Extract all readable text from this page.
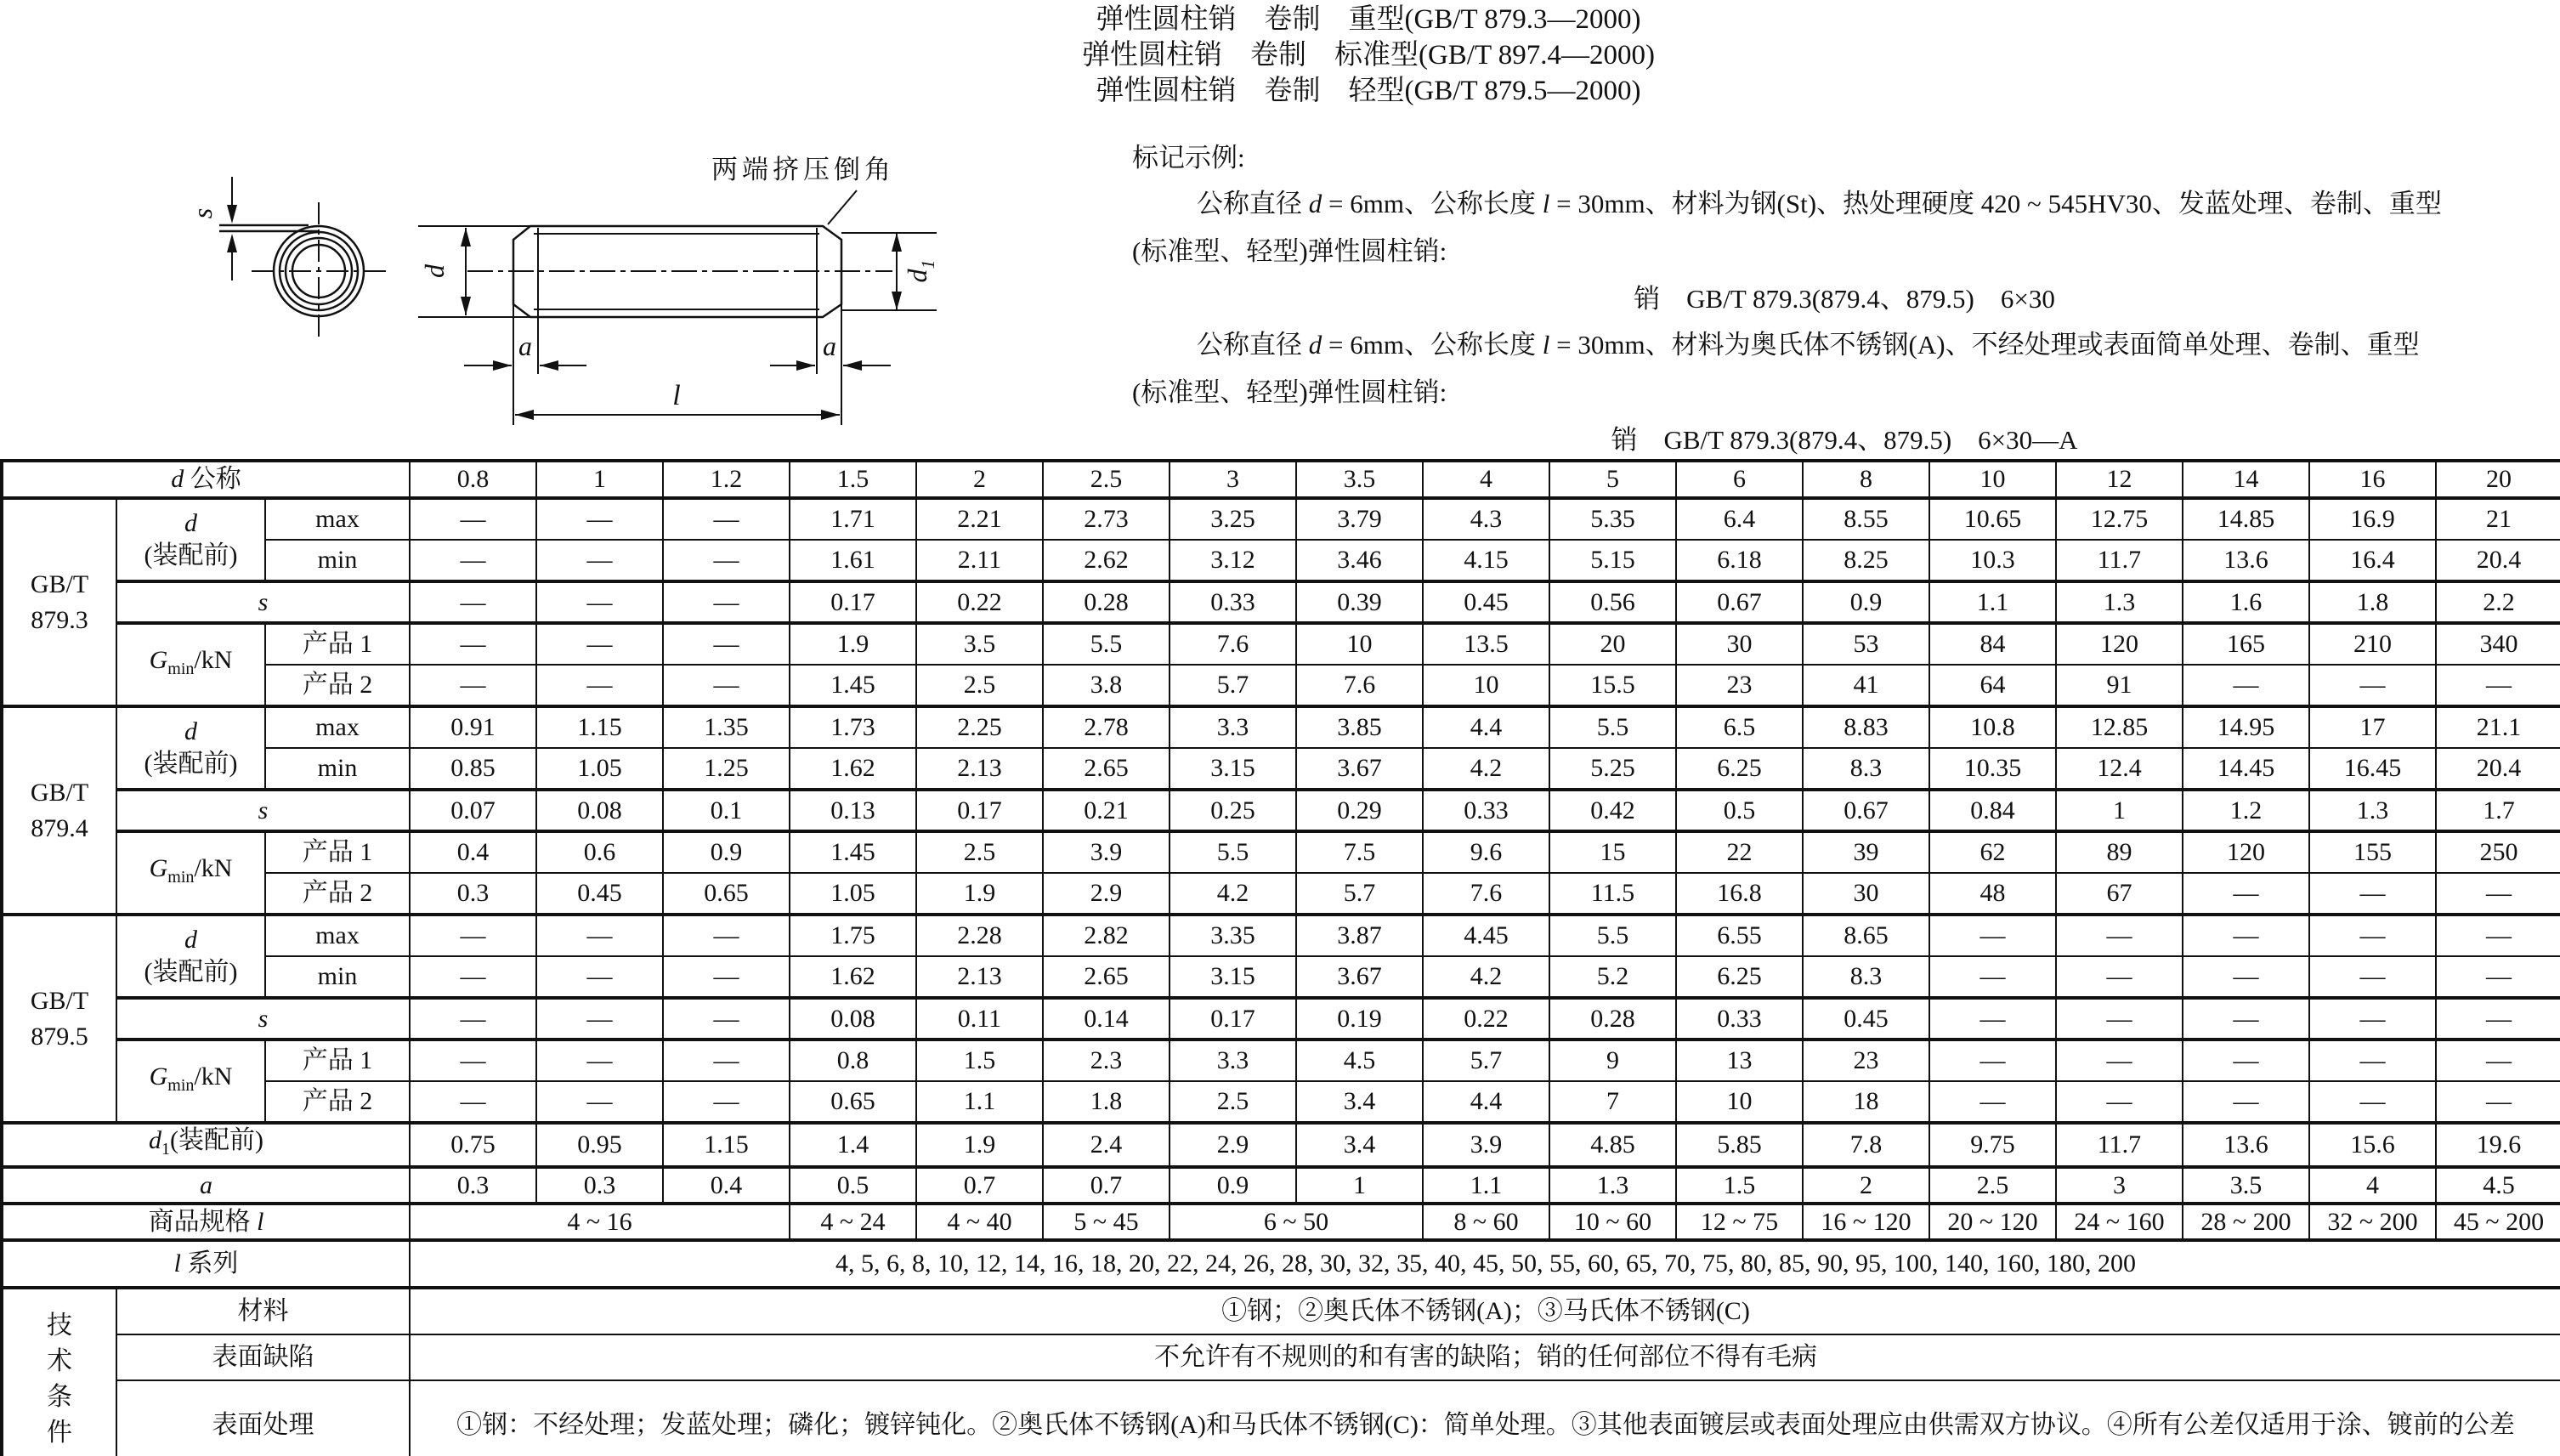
弹性圆柱销　卷制　重型(GB/T 879.3—2000)
弹性圆柱销　卷制　标准型(GB/T 897.4—2000)
弹性圆柱销　卷制　轻型(GB/T 879.5—2000)
标记示例:
公称直径 d = 6mm、公称长度 l = 30mm、材料为钢(St)、热处理硬度 420 ~ 545HV30、发蓝处理、卷制、重型
(标准型、轻型)弹性圆柱销:
销　GB/T 879.3(879.4、879.5)　6×30
公称直径 d = 6mm、公称长度 l = 30mm、材料为奥氏体不锈钢(A)、不经处理或表面简单处理、卷制、重型
(标准型、轻型)弹性圆柱销:
销　GB/T 879.3(879.4、879.5)　6×30—A
s
d	$d_1$
a	a
l
两端挤压倒角
d 公称			0.8	1	1.2	1.5	2	2.5	3	3.5	4	5	6	8	10	12	14	16	20
GB/T
879.3	d
(装配前)	max	—	—	—	1.71	2.21	2.73	3.25	3.79	4.3	5.35	6.4	8.55	10.65	12.75	14.85	16.9	21
		min	—	—	—	1.61	2.11	2.62	3.12	3.46	4.15	5.15	6.18	8.25	10.3	11.7	13.6	16.4	20.4
	s		—	—	—	0.17	0.22	0.28	0.33	0.39	0.45	0.56	0.67	0.9	1.1	1.3	1.6	1.8	2.2
	$G_{min}/kN$	产品 1	—	—	—	1.9	3.5	5.5	7.6	10	13.5	20	30	53	84	120	165	210	340
		产品 2	—	—	—	1.45	2.5	3.8	5.7	7.6	10	15.5	23	41	64	91	—	—	—
GB/T
879.4	d
(装配前)	max	0.91	1.15	1.35	1.73	2.25	2.78	3.3	3.85	4.4	5.5	6.5	8.83	10.8	12.85	14.95	17	21.1
		min	0.85	1.05	1.25	1.62	2.13	2.65	3.15	3.67	4.2	5.25	6.25	8.3	10.35	12.4	14.45	16.45	20.4
	s		0.07	0.08	0.1	0.13	0.17	0.21	0.25	0.29	0.33	0.42	0.5	0.67	0.84	1	1.2	1.3	1.7
	$G_{min}/kN$	产品 1	0.4	0.6	0.9	1.45	2.5	3.9	5.5	7.5	9.6	15	22	39	62	89	120	155	250
		产品 2	0.3	0.45	0.65	1.05	1.9	2.9	4.2	5.7	7.6	11.5	16.8	30	48	67	—	—	—
GB/T
879.5	d
(装配前)	max	—	—	—	1.75	2.28	2.82	3.35	3.87	4.45	5.5	6.55	8.65	—	—	—	—	—
		min	—	—	—	1.62	2.13	2.65	3.15	3.67	4.2	5.2	6.25	8.3	—	—	—	—	—
	s		—	—	—	0.08	0.11	0.14	0.17	0.19	0.22	0.28	0.33	0.45	—	—	—	—	—
	$G_{min}/kN$	产品 1	—	—	—	0.8	1.5	2.3	3.3	4.5	5.7	9	13	23	—	—	—	—	—
		产品 2	—	—	—	0.65	1.1	1.8	2.5	3.4	4.4	7	10	18	—	—	—	—	—
$d_1$(装配前)			0.75	0.95	1.15	1.4	1.9	2.4	2.9	3.4	3.9	4.85	5.85	7.8	9.75	11.7	13.6	15.6	19.6
a			0.3	0.3	0.4	0.5	0.7	0.7	0.9	1	1.1	1.3	1.5	2	2.5	3	3.5	4	4.5
商品规格 l			4 ~ 16			4 ~ 24	4 ~ 40	5 ~ 45	6 ~ 50		8 ~ 60	10 ~ 60	12 ~ 75	16 ~ 120	20 ~ 120	24 ~ 160	28 ~ 200	32 ~ 200	45 ~ 200
l 系列			4, 5, 6, 8, 10, 12, 14, 16, 18, 20, 22, 24, 26, 28, 30, 32, 35, 40, 45, 50, 55, 60, 65, 70, 75, 80, 85, 90, 95, 100, 140, 160, 180, 200																
技
术
条
件	材料		①钢；②奥氏体不锈钢(A)；③马氏体不锈钢(C)																
	表面缺陷		不允许有不规则的和有害的缺陷；销的任何部位不得有毛病																
	表面处理		①钢：不经处理；发蓝处理；磷化；镀锌钝化。②奥氏体不锈钢(A)和马氏体不锈钢(C)：简单处理。③其他表面镀层或表面处理应由供需双方协议。④所有公差仅适用于涂、镀前的公差																
